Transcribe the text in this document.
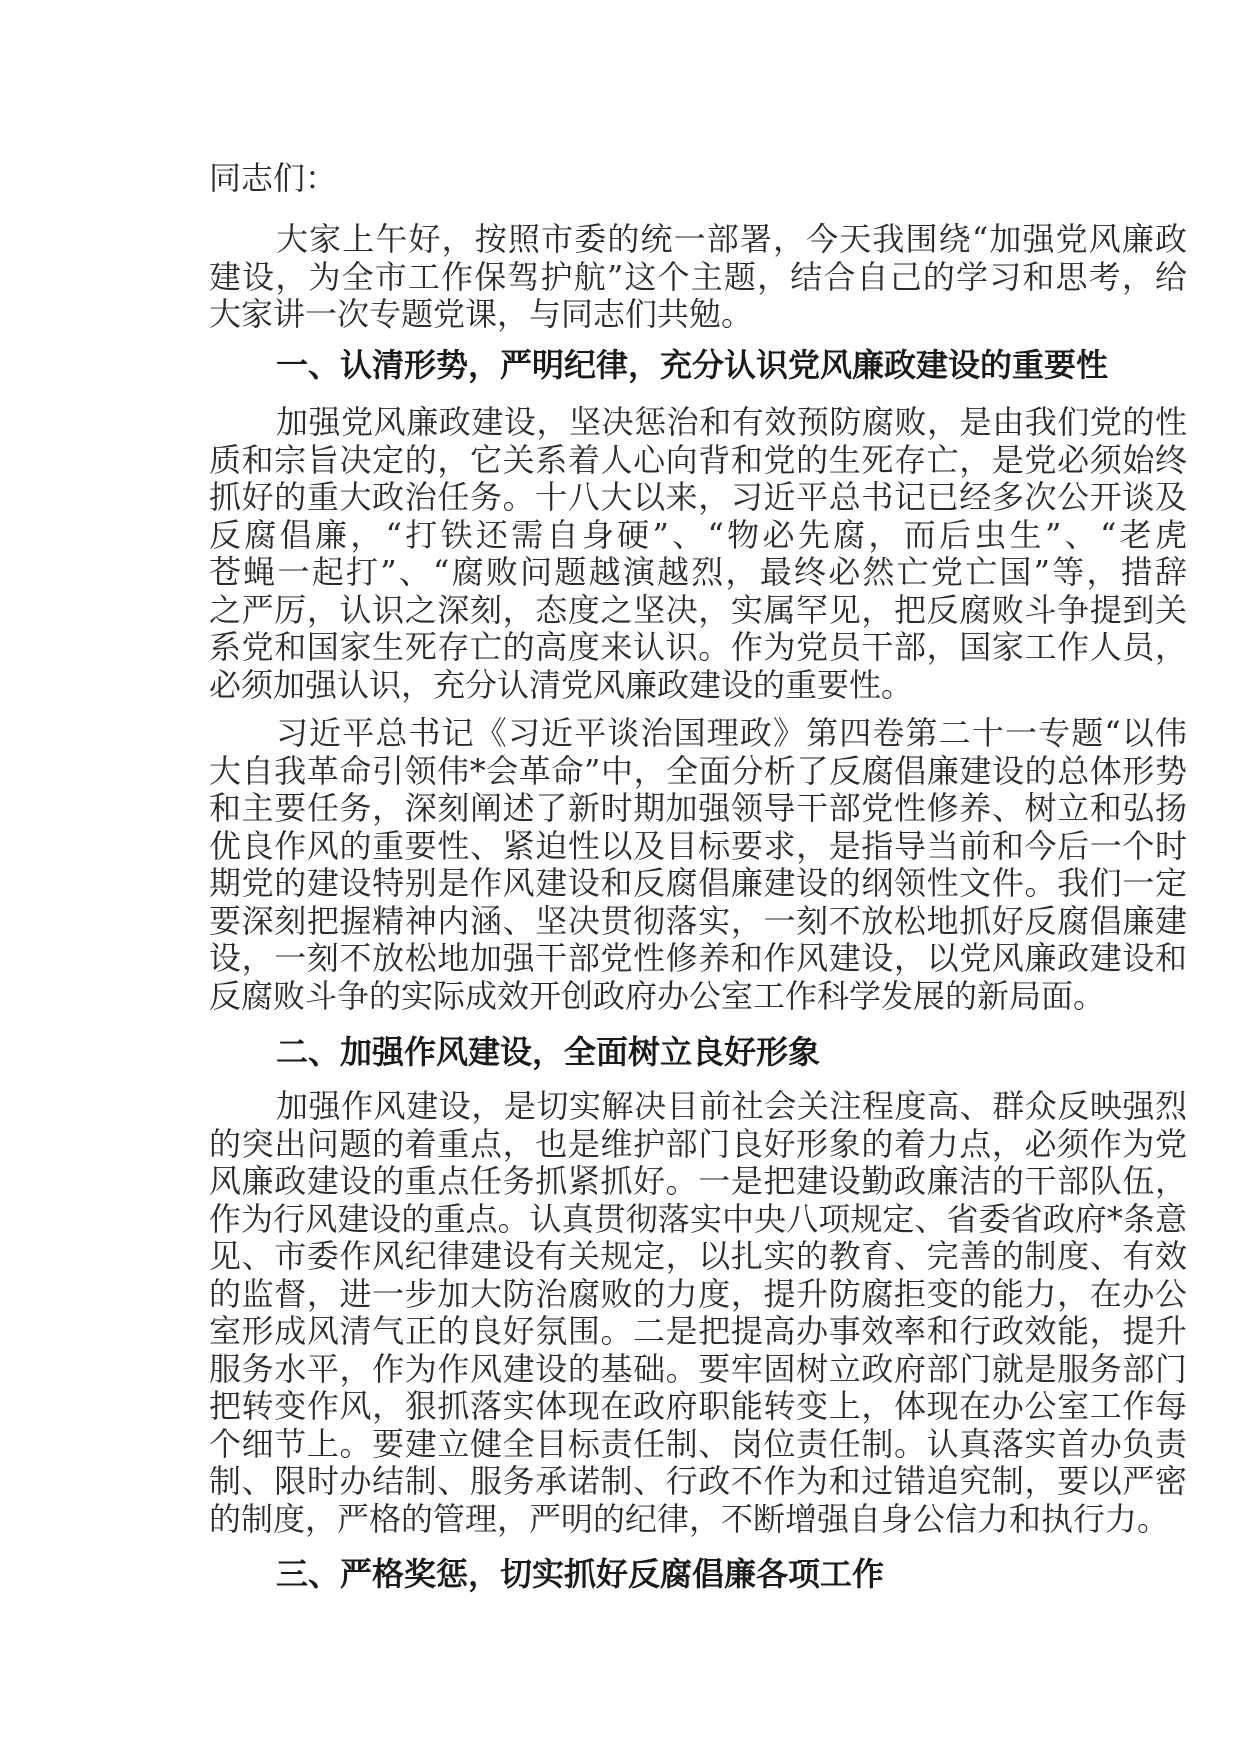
同志们：
大家上午好，按照市委的统一部署，今天我围绕“加强党风廉政
建设，为全市工作保驾护航”这个主题，结合自己的学习和思考，给
大家讲一次专题党课，与同志们共勉。
一、认清形势，严明纪律，充分认识党风廉政建设的重要性
加强党风廉政建设，坚决惩治和有效预防腐败，是由我们党的性
质和宗旨决定的，它关系着人心向背和党的生死存亡，是党必须始终
抓好的重大政治任务。十八大以来，习近平总书记已经多次公开谈及
反腐倡廉，“打铁还需自身硬”、“物必先腐，而后虫生”、“老虎
苍蝇一起打”、“腐败问题越演越烈，最终必然亡党亡国”等，措辞
之严厉，认识之深刻，态度之坚决，实属罕见，把反腐败斗争提到关
系党和国家生死存亡的高度来认识。作为党员干部，国家工作人员，
必须加强认识，充分认清党风廉政建设的重要性。
习近平总书记《习近平谈治国理政》第四卷第二十一专题“以伟
大自我革命引领伟*会革命”中，全面分析了反腐倡廉建设的总体形势
和主要任务，深刻阐述了新时期加强领导干部党性修养、树立和弘扬
优良作风的重要性、紧迫性以及目标要求，是指导当前和今后一个时
期党的建设特别是作风建设和反腐倡廉建设的纲领性文件。我们一定
要深刻把握精神内涵、坚决贯彻落实，一刻不放松地抓好反腐倡廉建
设，一刻不放松地加强干部党性修养和作风建设，以党风廉政建设和
反腐败斗争的实际成效开创政府办公室工作科学发展的新局面。
二、加强作风建设，全面树立良好形象
加强作风建设，是切实解决目前社会关注程度高、群众反映强烈
的突出问题的着重点，也是维护部门良好形象的着力点，必须作为党
风廉政建设的重点任务抓紧抓好。一是把建设勤政廉洁的干部队伍，
作为行风建设的重点。认真贯彻落实中央八项规定、省委省政府*条意
见、市委作风纪律建设有关规定，以扎实的教育、完善的制度、有效
的监督，进一步加大防治腐败的力度，提升防腐拒变的能力，在办公
室形成风清气正的良好氛围。二是把提高办事效率和行政效能，提升
服务水平，作为作风建设的基础。要牢固树立政府部门就是服务部门
把转变作风，狠抓落实体现在政府职能转变上，体现在办公室工作每
个细节上。要建立健全目标责任制、岗位责任制。认真落实首办负责
制、限时办结制、服务承诺制、行政不作为和过错追究制，要以严密
的制度，严格的管理，严明的纪律，不断增强自身公信力和执行力。
三、严格奖惩，切实抓好反腐倡廉各项工作
